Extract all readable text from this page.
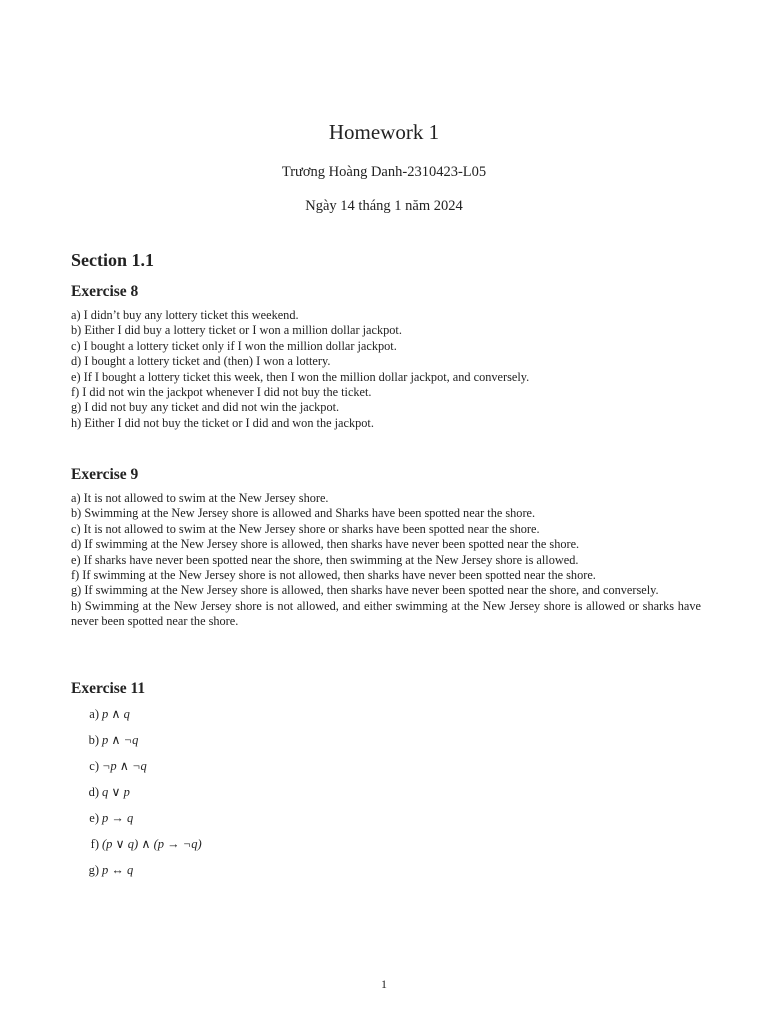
Homework 1
Trương Hoàng Danh-2310423-L05
Ngày 14 tháng 1 năm 2024
Section 1.1
Exercise 8
a) I didn’t buy any lottery ticket this weekend.
b) Either I did buy a lottery ticket or I won a million dollar jackpot.
c) I bought a lottery ticket only if I won the million dollar jackpot.
d) I bought a lottery ticket and (then) I won a lottery.
e) If I bought a lottery ticket this week, then I won the million dollar jackpot, and conversely.
f) I did not win the jackpot whenever I did not buy the ticket.
g) I did not buy any ticket and did not win the jackpot.
h) Either I did not buy the ticket or I did and won the jackpot.
Exercise 9
a) It is not allowed to swim at the New Jersey shore.
b) Swimming at the New Jersey shore is allowed and Sharks have been spotted near the shore.
c) It is not allowed to swim at the New Jersey shore or sharks have been spotted near the shore.
d) If swimming at the New Jersey shore is allowed, then sharks have never been spotted near the shore.
e) If sharks have never been spotted near the shore, then swimming at the New Jersey shore is allowed.
f) If swimming at the New Jersey shore is not allowed, then sharks have never been spotted near the shore.
g) If swimming at the New Jersey shore is allowed, then sharks have never been spotted near the shore, and conversely.
h) Swimming at the New Jersey shore is not allowed, and either swimming at the New Jersey shore is allowed or sharks have never been spotted near the shore.
Exercise 11
a) p ∧ q
b) p ∧ ¬q
c) ¬p ∧ ¬q
d) q ∨ p
e) p → q
f) (p ∨ q) ∧ (p → ¬q)
g) p ↔ q
1
